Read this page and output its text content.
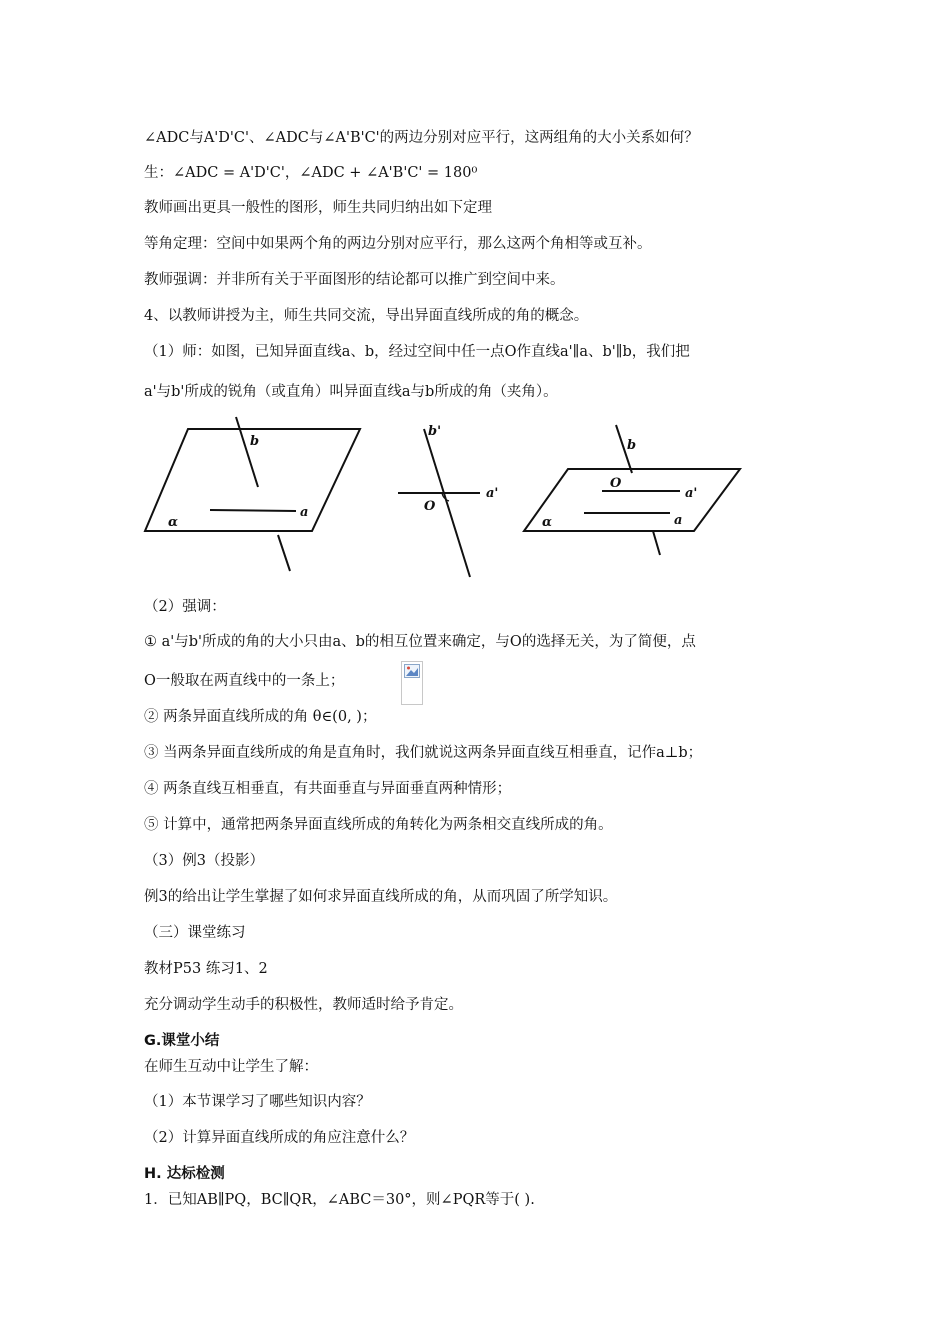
∠ADC与A'D'C'、∠ADC与∠A'B'C'的两边分别对应平行，这两组角的大小关系如何？
生：∠ADC = A'D'C'，∠ADC + ∠A'B'C' = 180⁰
教师画出更具一般性的图形，师生共同归纳出如下定理
等角定理：空间中如果两个角的两边分别对应平行，那么这两个角相等或互补。
教师强调：并非所有关于平面图形的结论都可以推广到空间中来。
4、以教师讲授为主，师生共同交流，导出异面直线所成的角的概念。
（1）师：如图，已知异面直线a、b，经过空间中任一点O作直线a'∥a、b'∥b，我们把
a'与b'所成的锐角（或直角）叫异面直线a与b所成的角（夹角）。
b
a
α
b'
O
a'
b
O
a'
a
α
（2）强调：
① a'与b'所成的角的大小只由a、b的相互位置来确定，与O的选择无关，为了简便，点
O一般取在两直线中的一条上；
② 两条异面直线所成的角 θ∈(0, )；
③ 当两条异面直线所成的角是直角时，我们就说这两条异面直线互相垂直，记作a⊥b；
④ 两条直线互相垂直，有共面垂直与异面垂直两种情形；
⑤ 计算中，通常把两条异面直线所成的角转化为两条相交直线所成的角。
（3）例3（投影）
例3的给出让学生掌握了如何求异面直线所成的角，从而巩固了所学知识。
（三）课堂练习
教材P53 练习1、2
充分调动学生动手的积极性，教师适时给予肯定。
G.课堂小结
在师生互动中让学生了解：
（1）本节课学习了哪些知识内容？
（2）计算异面直线所成的角应注意什么？
H. 达标检测
1．已知AB∥PQ，BC∥QR，∠ABC＝30°，则∠PQR等于( ).
